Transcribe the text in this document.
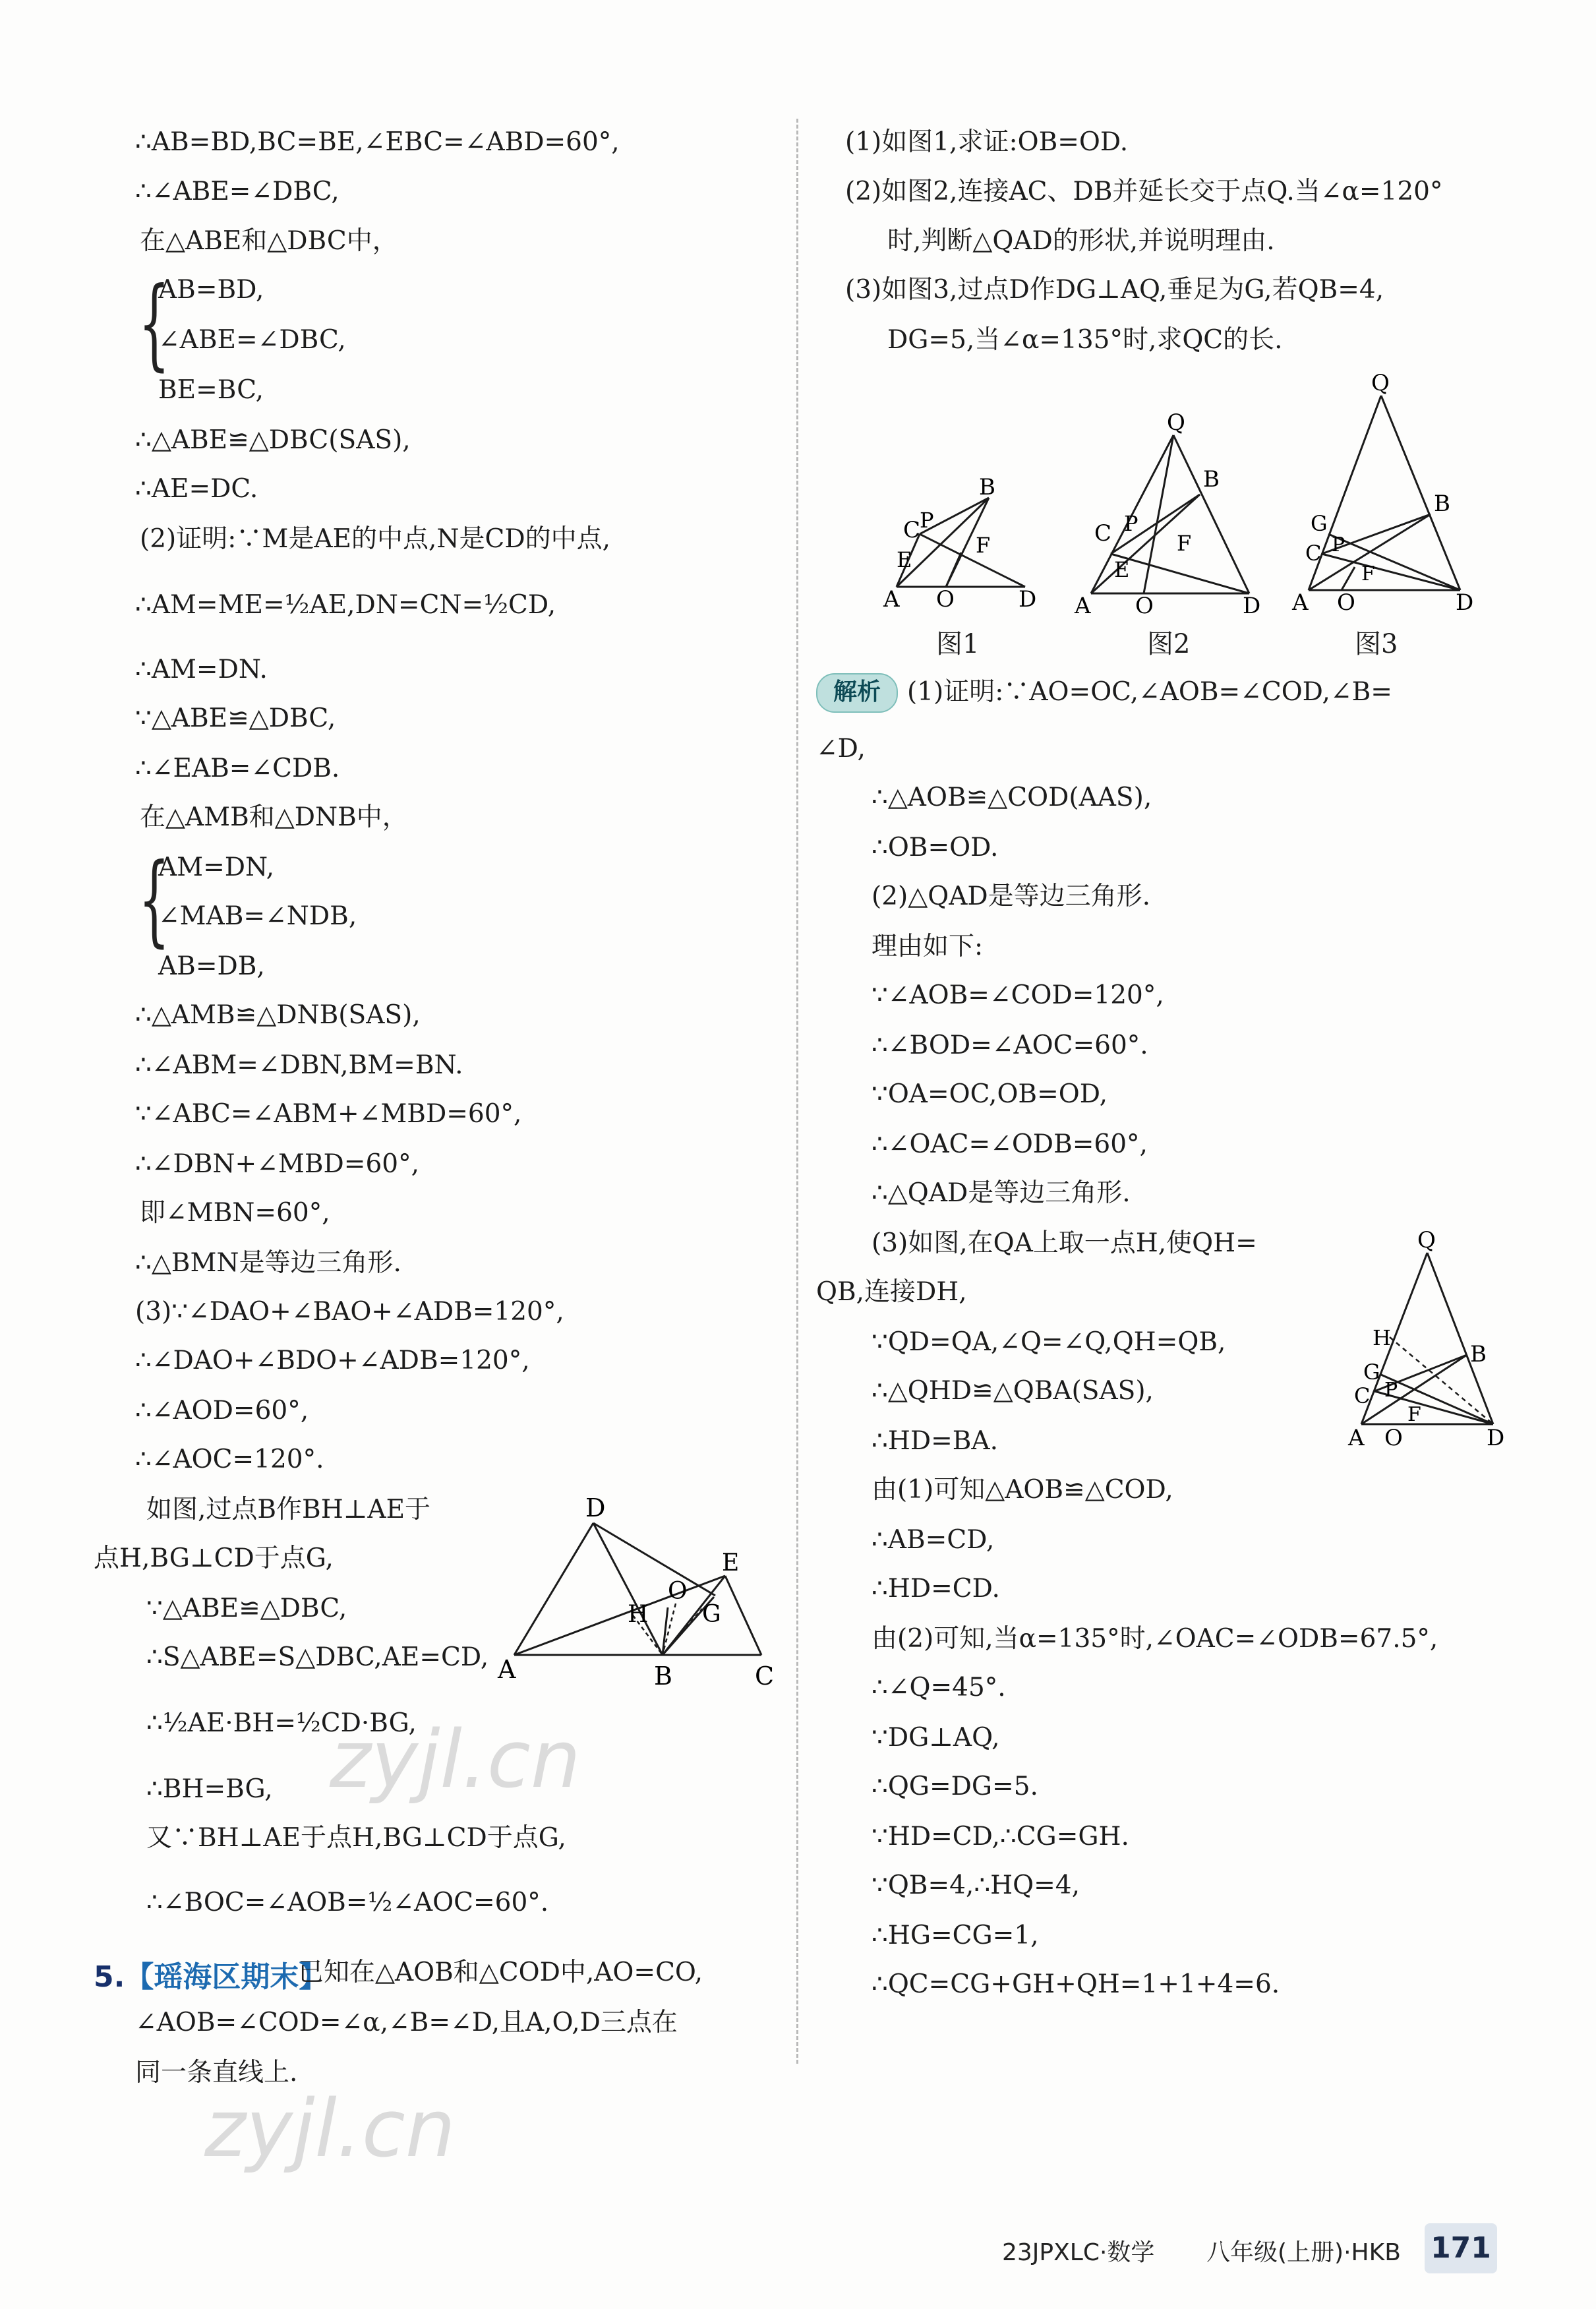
∴AB=BD,BC=BE,∠EBC=∠ABD=60°,
∴∠ABE=∠DBC,
在△ABE和△DBC中，
{
AB=BD,
∠ABE=∠DBC,
BE=BC,
∴△ABE≌△DBC(SAS),
∴AE=DC.
(2)证明:∵M是AE的中点,N是CD的中点,
∴AM=ME=½AE,DN=CN=½CD,
∴AM=DN.
∵△ABE≌△DBC,
∴∠EAB=∠CDB.
在△AMB和△DNB中，
{
AM=DN,
∠MAB=∠NDB,
AB=DB,
∴△AMB≌△DNB(SAS),
∴∠ABM=∠DBN,BM=BN.
∵∠ABC=∠ABM+∠MBD=60°,
∴∠DBN+∠MBD=60°,
即∠MBN=60°,
∴△BMN是等边三角形.
(3)∵∠DAO+∠BAO+∠ADB=120°,
∴∠DAO+∠BDO+∠ADB=120°,
∴∠AOD=60°,
∴∠AOC=120°.
如图,过点B作BH⊥AE于
点H,BG⊥CD于点G,
∵△ABE≌△DBC,
∴S△ABE=S△DBC,AE=CD,
∴½AE·BH=½CD·BG,
∴BH=BG,
又∵BH⊥AE于点H,BG⊥CD于点G,
∴∠BOC=∠AOB=½∠AOC=60°.
D
A	B	C
H
O
E
G
5.【瑶海区期末】
已知在△AOB和△COD中,AO=CO,
∠AOB=∠COD=∠α,∠B=∠D,且A,O,D三点在
同一条直线上.
(1)如图1,求证:OB=OD.
(2)如图2,连接AC、DB并延长交于点Q.当∠α=120°
时,判断△QAD的形状,并说明理由.
(3)如图3,过点D作DG⊥AQ,垂足为G,若QB=4,
DG=5,当∠α=135°时,求QC的长.
B
C
P
E
F
A O	D
图1
Q
B
C P
E
F
A O	D
图2
Q
B
G
C P
F
A O	D
图3
解析	(1)证明:∵AO=OC,∠AOB=∠COD,∠B=
∠D,
∴△AOB≌△COD(AAS),
∴OB=OD.
(2)△QAD是等边三角形.
理由如下:
∵∠AOB=∠COD=120°,
∴∠BOD=∠AOC=60°.
∵OA=OC,OB=OD,
∴∠OAC=∠ODB=60°,
∴△QAD是等边三角形.
(3)如图,在QA上取一点H,使QH=
QB,连接DH,
∵QD=QA,∠Q=∠Q,QH=QB,
∴△QHD≌△QBA(SAS),
∴HD=BA.
由(1)可知△AOB≌△COD,
∴AB=CD,
∴HD=CD.
由(2)可知,当α=135°时,∠OAC=∠ODB=67.5°,
∴∠Q=45°.
∵DG⊥AQ,
∴QG=DG=5.
∵HD=CD,∴CG=GH.
∵QB=4,∴HQ=4,
∴HG=CG=1,
∴QC=CG+GH+QH=1+1+4=6.
Q
B
H
G
C P
F
A O	D
zyjl.cn
zyjl.cn
23JPXLC·数学 八年级(上册)·HKB 171
